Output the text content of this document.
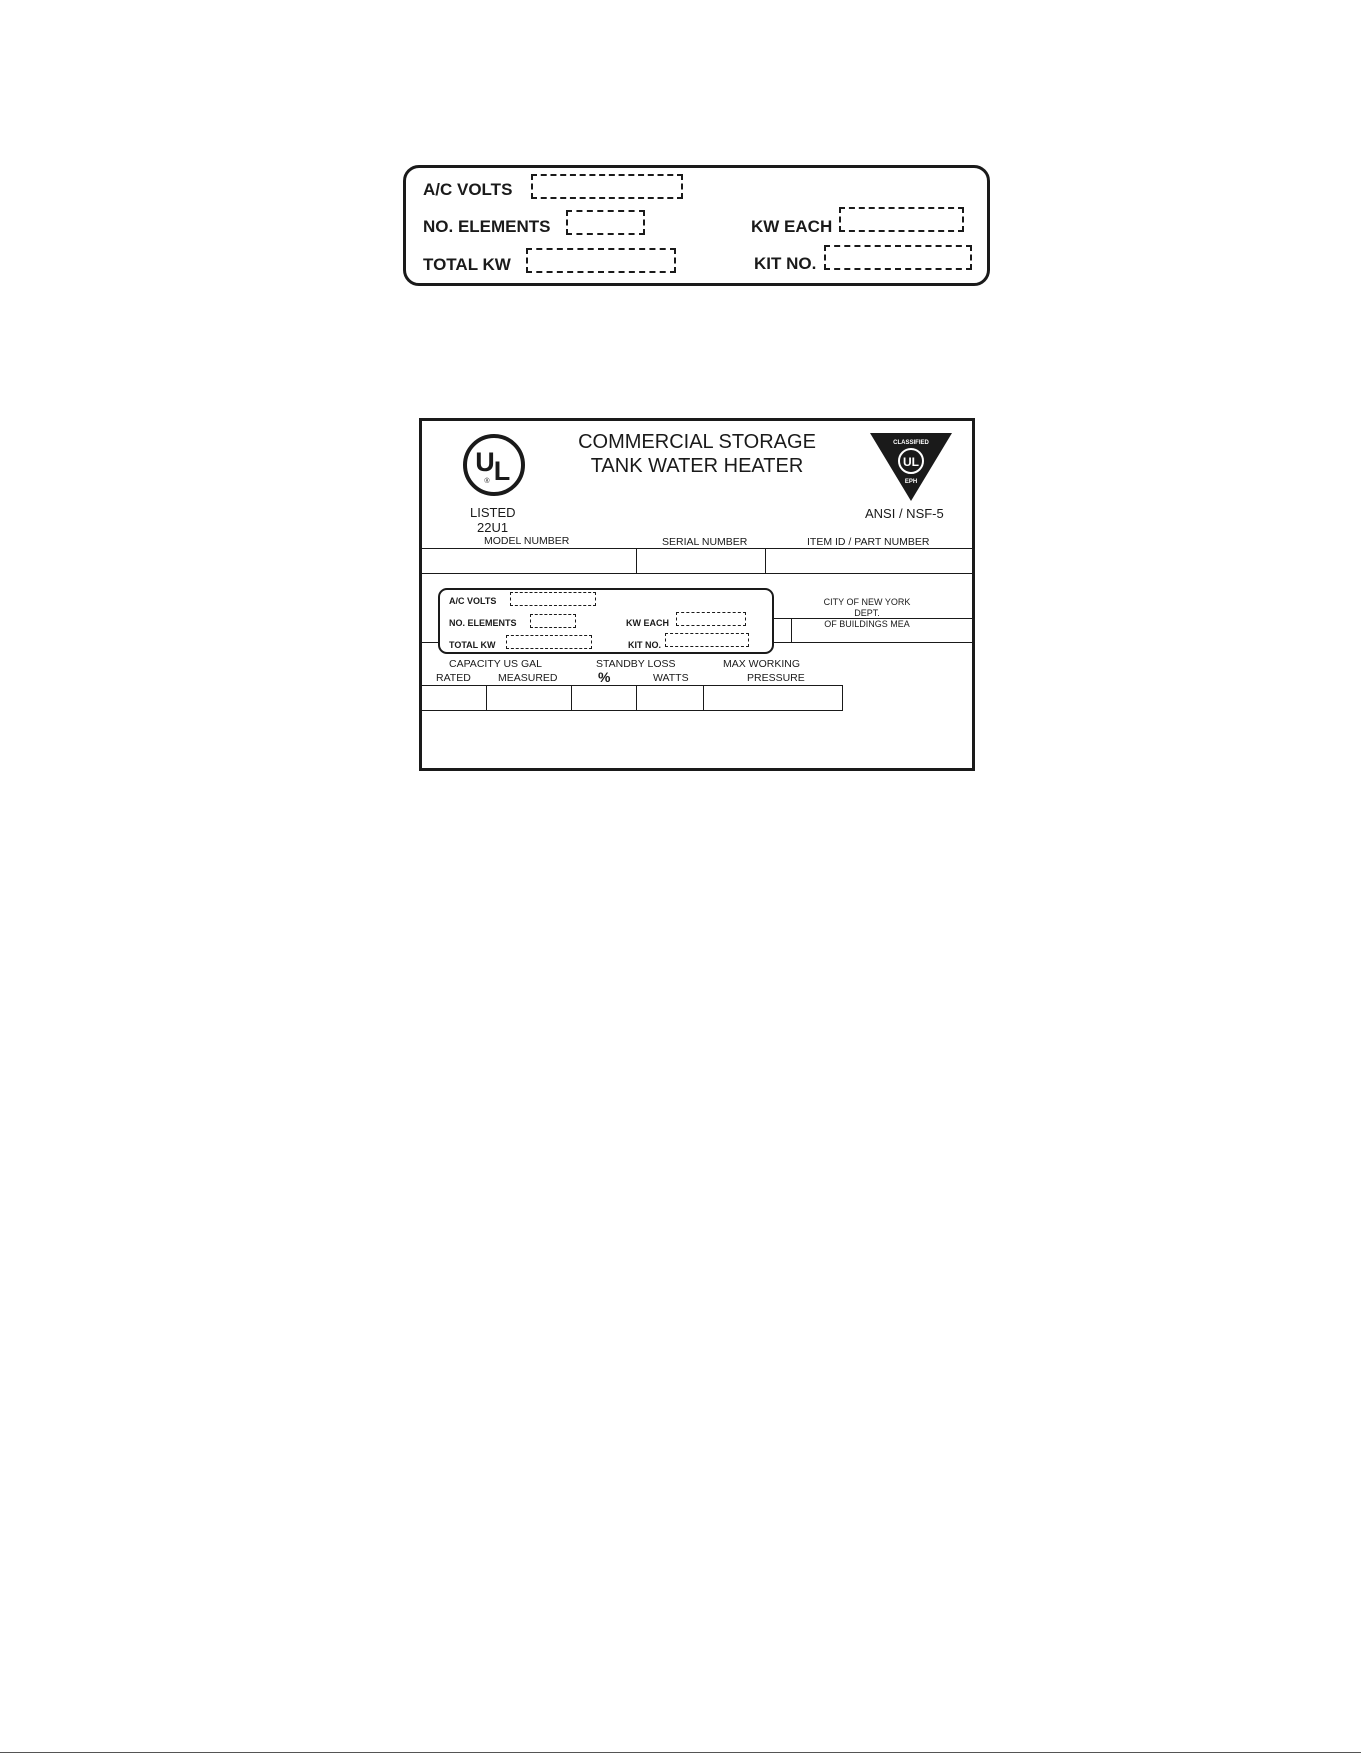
A/C VOLTS
NO. ELEMENTS	KW EACH
TOTAL KW	KIT NO.
U L
®
LISTED
22U1
COMMERCIAL STORAGE
TANK WATER HEATER	UL
CLASSIFIED
EPH
ANSI / NSF-5
MODEL NUMBER	SERIAL NUMBER	ITEM ID / PART NUMBER
CITY OF NEW YORK DEPT.
OF BUILDINGS MEA
A/C VOLTS
NO. ELEMENTS	KW EACH
TOTAL KW	KIT NO.
CAPACITY US GAL
RATED	MEASURED
STANDBY LOSS
%	WATTS
MAX WORKING
PRESSURE
